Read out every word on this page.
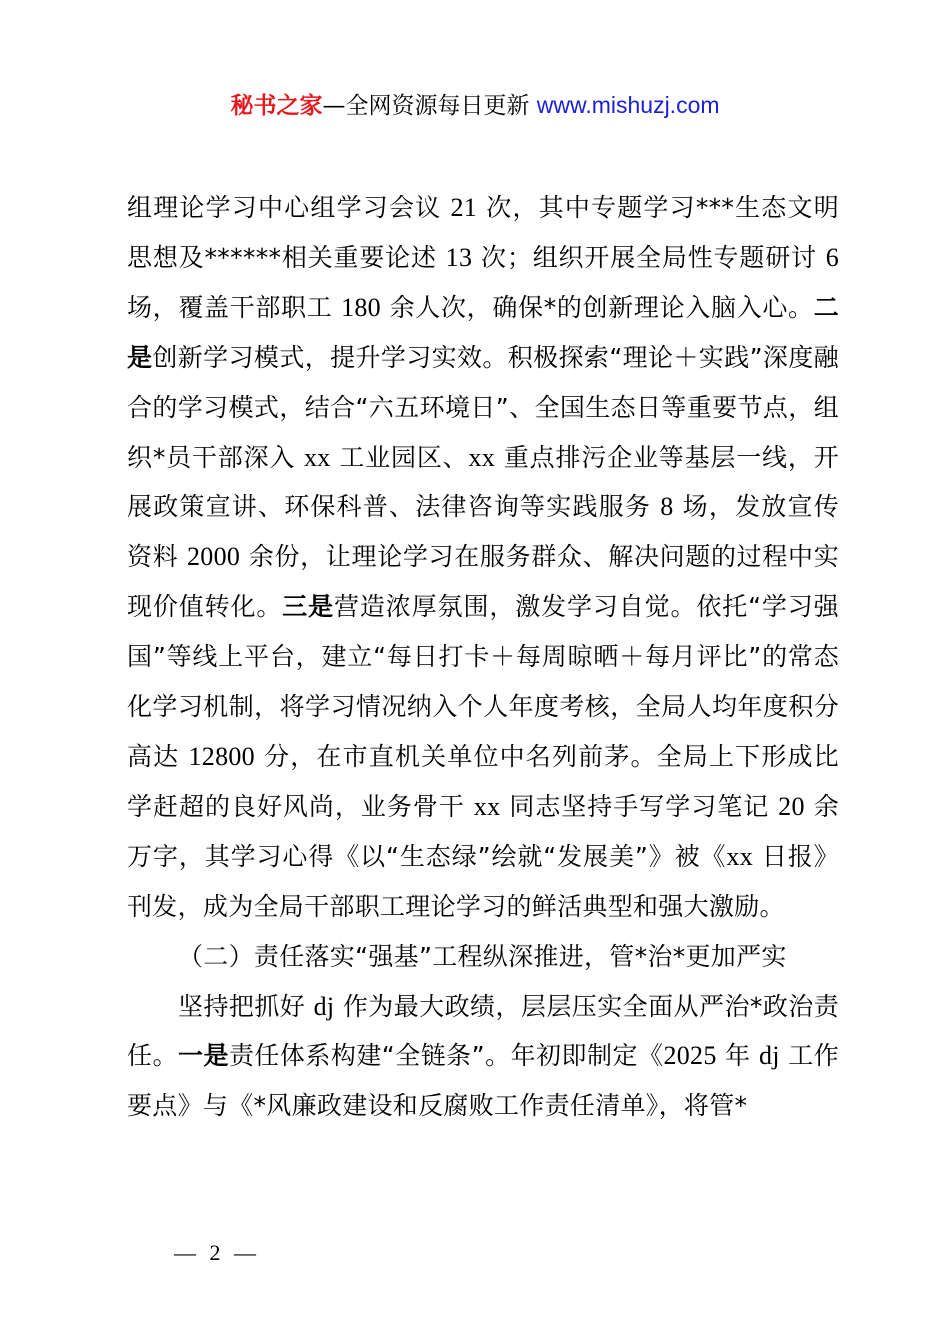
秘书之家—全网资源每日更新 www.mishuzj.com

组理论学习中心组学习会议 21 次，其中专题学习***生态文明思想及******相关重要论述 13 次；组织开展全局性专题研讨 6 场，覆盖干部职工 180 余人次，确保*的创新理论入脑入心。二是创新学习模式，提升学习实效。积极探索“理论＋实践”深度融合的学习模式，结合“六五环境日”、全国生态日等重要节点，组织*员干部深入 xx 工业园区、xx 重点排污企业等基层一线，开展政策宣讲、环保科普、法律咨询等实践服务 8 场，发放宣传资料 2000 余份，让理论学习在服务群众、解决问题的过程中实现价值转化。三是营造浓厚氛围，激发学习自觉。依托“学习强国”等线上平台，建立“每日打卡＋每周晾晒＋每月评比”的常态化学习机制，将学习情况纳入个人年度考核，全局人均年度积分高达 12800 分，在市直机关单位中名列前茅。全局上下形成比学赶超的良好风尚，业务骨干 xx 同志坚持手写学习笔记 20 余万字，其学习心得《以“生态绿”绘就“发展美”》被《xx 日报》刊发，成为全局干部职工理论学习的鲜活典型和强大激励。

（二）责任落实“强基”工程纵深推进，管*治*更加严实

坚持把抓好 dj 作为最大政绩，层层压实全面从严治*政治责任。一是责任体系构建“全链条”。年初即制定《2025 年 dj 工作要点》与《*风廉政建设和反腐败工作责任清单》，将管*

— 2 —
